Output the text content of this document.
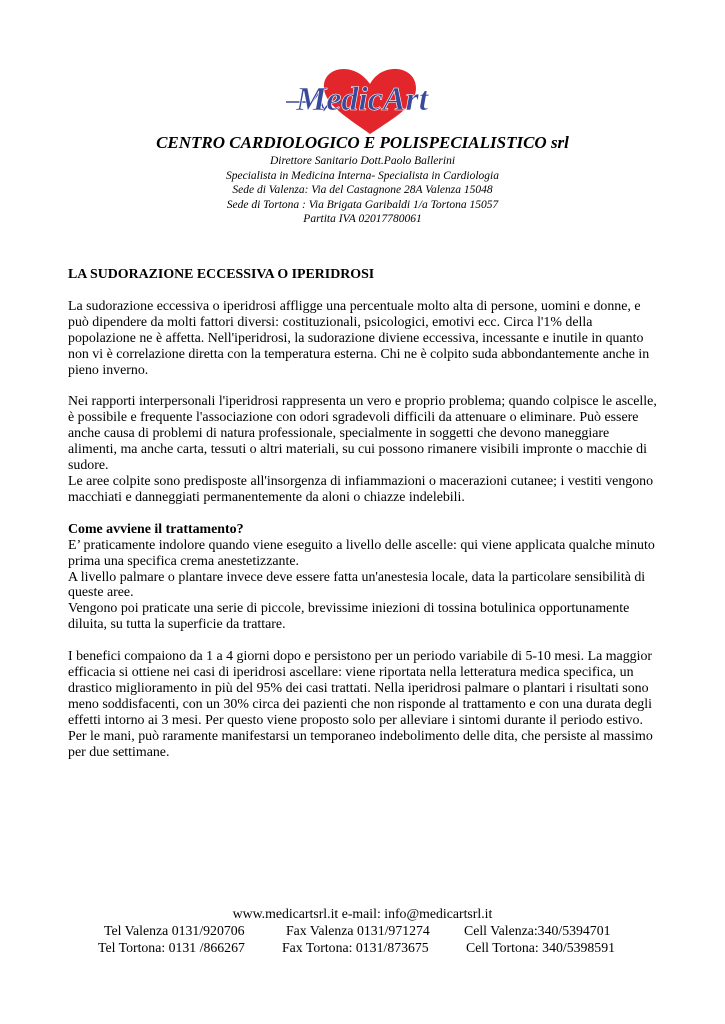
MedicArt
CENTRO CARDIOLOGICO E POLISPECIALISTICO srl
Direttore Sanitario Dott.Paolo Ballerini
Specialista in Medicina Interna- Specialista in Cardiologia
Sede di Valenza: Via del Castagnone 28A Valenza 15048
Sede di Tortona : Via Brigata Garibaldi 1/a Tortona 15057
Partita IVA 02017780061

LA SUDORAZIONE ECCESSIVA O IPERIDROSI

La sudorazione eccessiva o iperidrosi affligge una percentuale molto alta di persone, uomini e donne, e può dipendere da molti fattori diversi: costituzionali, psicologici, emotivi ecc. Circa l'1% della popolazione ne è affetta. Nell'iperidrosi, la sudorazione diviene eccessiva, incessante e inutile in quanto non vi è correlazione diretta con la temperatura esterna. Chi ne è colpito suda abbondantemente anche in pieno inverno.

Nei rapporti interpersonali l'iperidrosi rappresenta un vero e proprio problema; quando colpisce le ascelle, è possibile e frequente l'associazione con odori sgradevoli difficili da attenuare o eliminare. Può essere anche causa di problemi di natura professionale, specialmente in soggetti che devono maneggiare alimenti, ma anche carta, tessuti o altri materiali, su cui possono rimanere visibili impronte o macchie di sudore.

Le aree colpite sono predisposte all'insorgenza di infiammazioni o macerazioni cutanee; i vestiti vengono macchiati e danneggiati permanentemente da aloni o chiazze indelebili.

Come avviene il trattamento?

E’ praticamente indolore quando viene eseguito a livello delle ascelle: qui viene applicata qualche minuto prima una specifica crema anestetizzante.

A livello palmare o plantare invece deve essere fatta un'anestesia locale, data la particolare sensibilità di queste aree.

Vengono poi praticate una serie di piccole, brevissime iniezioni di tossina botulinica opportunamente diluita, su tutta la superficie da trattare.

I benefici compaiono da 1 a 4 giorni dopo e persistono per un periodo variabile di 5-10 mesi. La maggior efficacia si ottiene nei casi di iperidrosi ascellare: viene riportata nella letteratura medica specifica, un drastico miglioramento in più del 95% dei casi trattati. Nella iperidrosi palmare o plantari i risultati sono meno soddisfacenti, con un 30% circa dei pazienti che non risponde al trattamento e con una durata degli effetti intorno ai 3 mesi. Per questo viene proposto solo per alleviare i sintomi durante il periodo estivo.

Per le mani, può raramente manifestarsi un temporaneo indebolimento delle dita, che persiste al massimo per due settimane.

www.medicartsrl.it e-mail: info@medicartsrl.it
Tel Valenza 0131/920706	Fax Valenza 0131/971274 Cell Valenza:340/5394701
Tel Tortona: 0131 /866267	Fax Tortona: 0131/873675	Cell Tortona: 340/5398591
